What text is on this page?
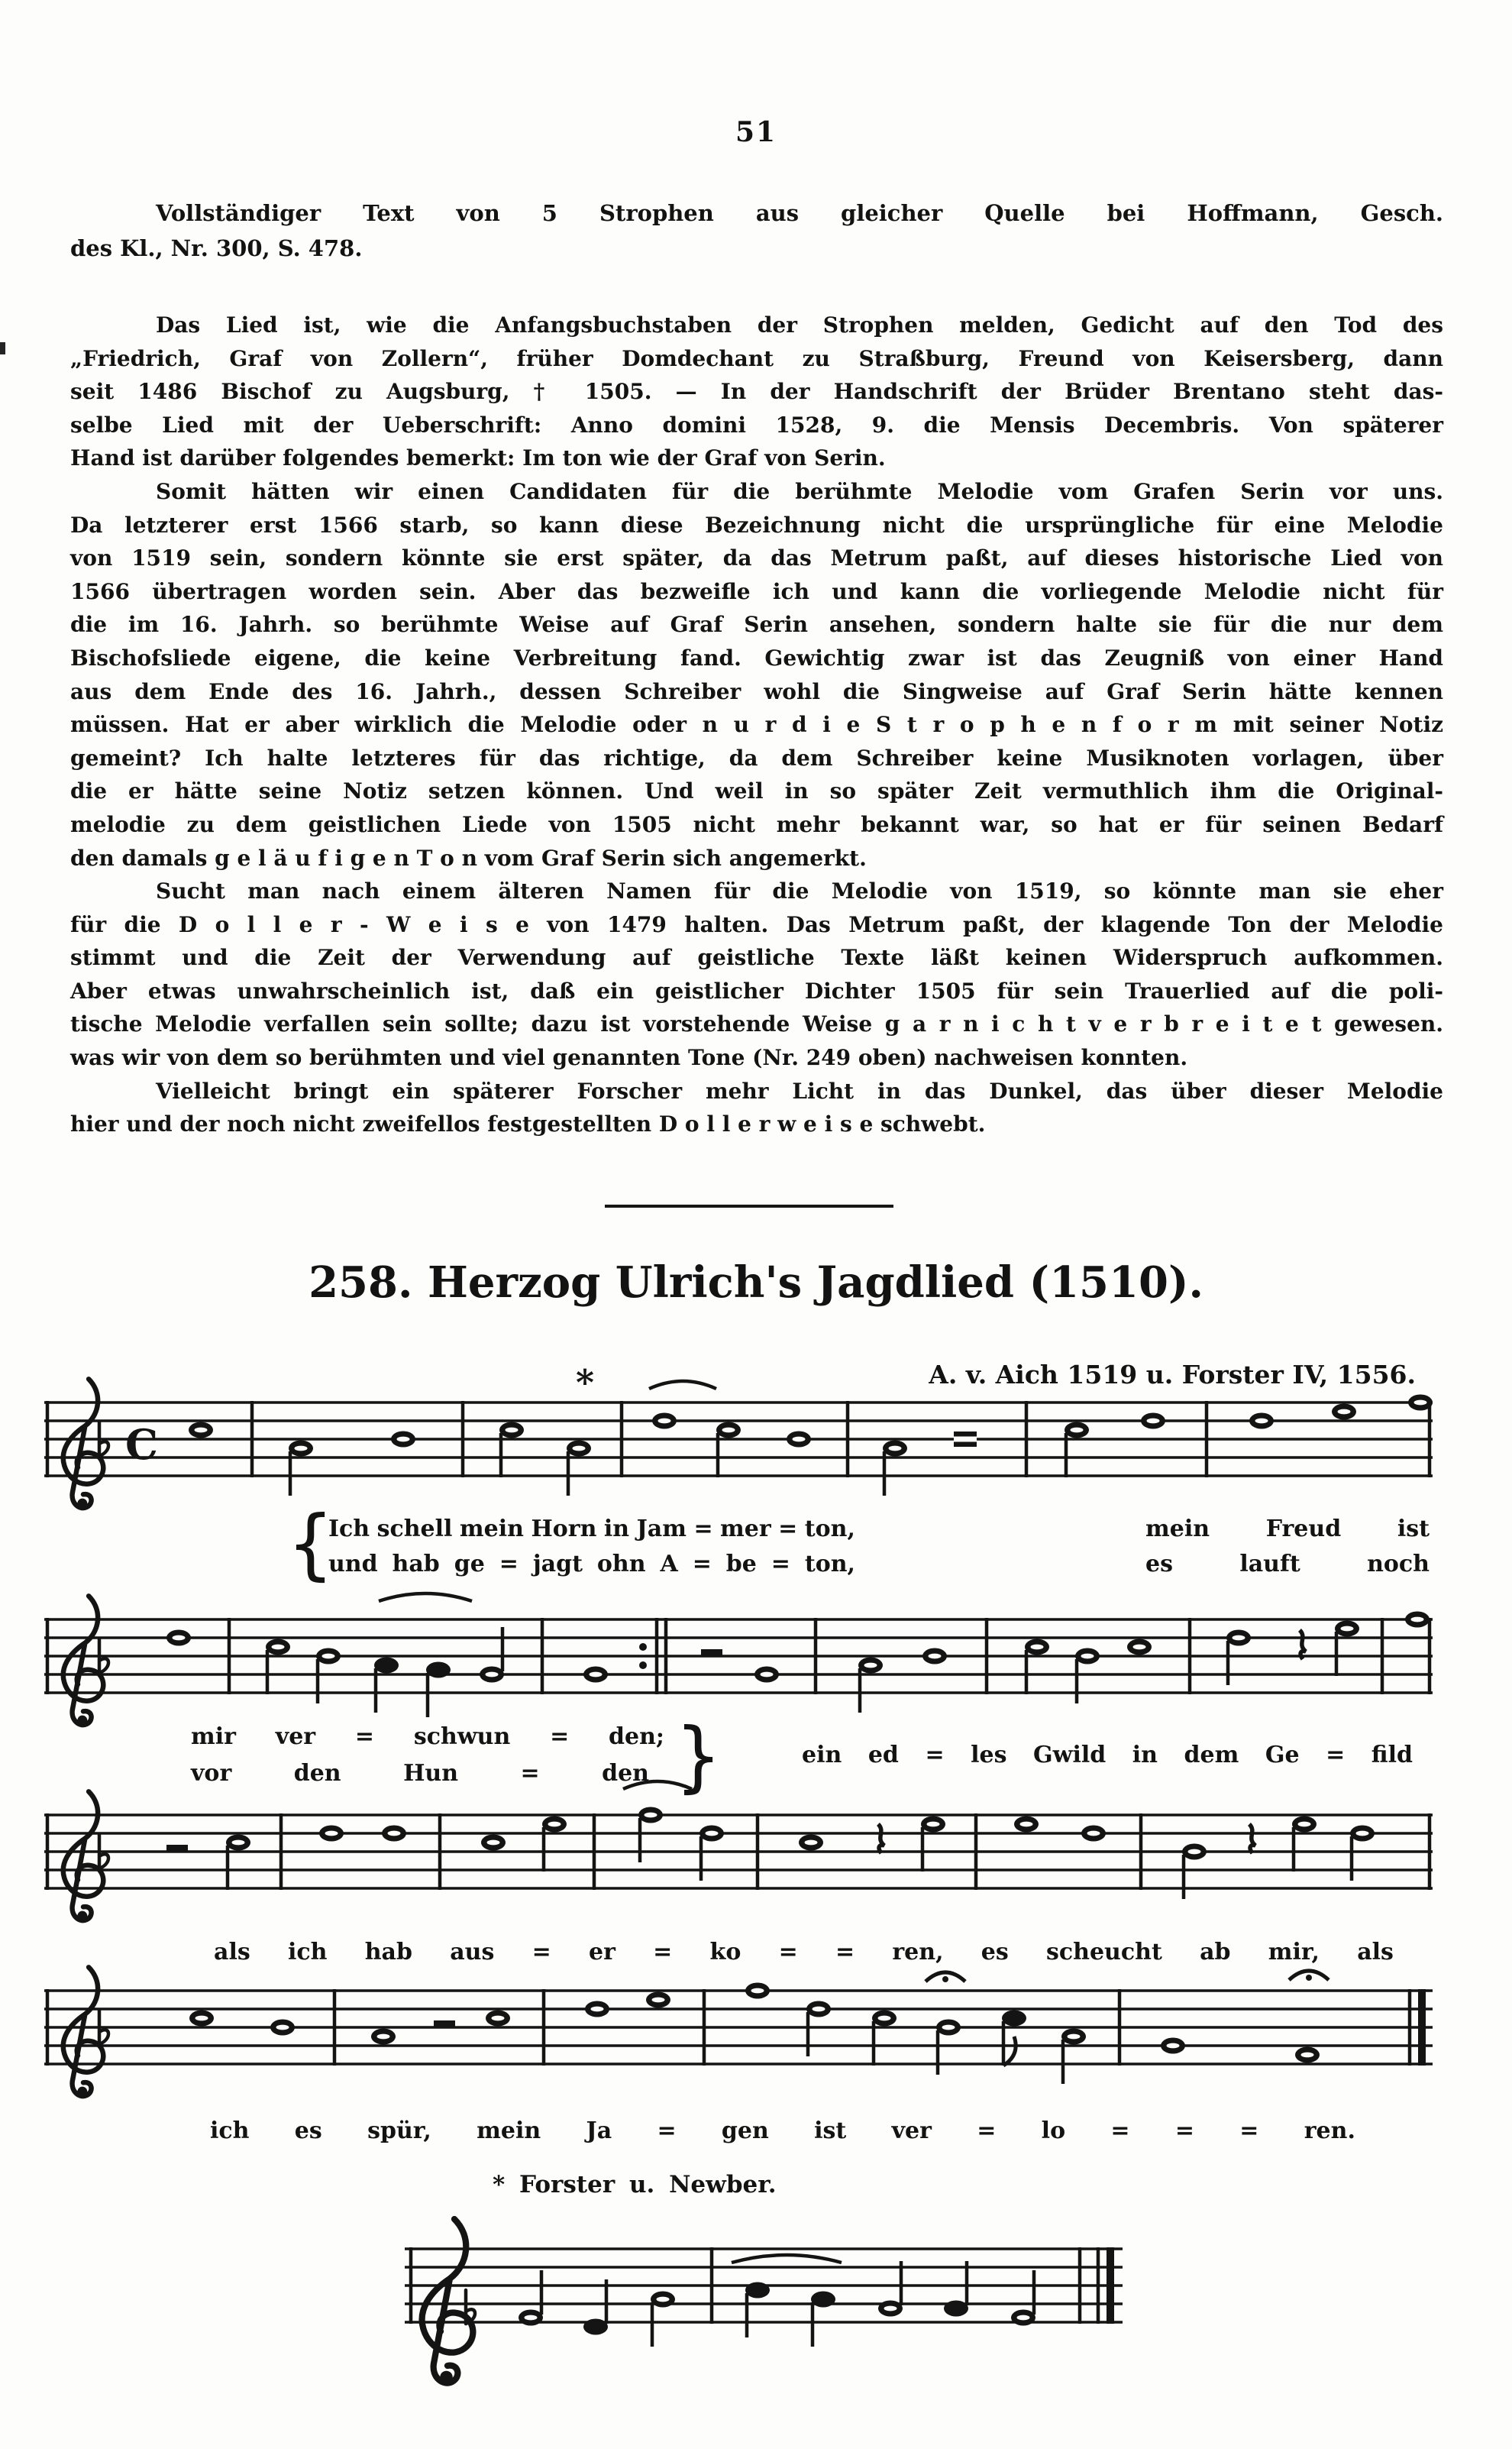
51
Vollständiger Text von 5 Strophen aus gleicher Quelle bei Hoffmann, Gesch.
des Kl., Nr. 300, S. 478.
Das Lied ist, wie die Anfangsbuchstaben der Strophen melden, Gedicht auf den Tod des
„Friedrich, Graf von Zollern“, früher Domdechant zu Straßburg, Freund von Keisersberg, dann
seit 1486 Bischof zu Augsburg, † 1505. — In der Handschrift der Brüder Brentano steht das-
selbe Lied mit der Ueberschrift: Anno domini 1528, 9. die Mensis Decembris. Von späterer
Hand ist darüber folgendes bemerkt: Im ton wie der Graf von Serin.
Somit hätten wir einen Candidaten für die berühmte Melodie vom Grafen Serin vor uns.
Da letzterer erst 1566 starb, so kann diese Bezeichnung nicht die ursprüngliche für eine Melodie
von 1519 sein, sondern könnte sie erst später, da das Metrum paßt, auf dieses historische Lied von
1566 übertragen worden sein. Aber das bezweifle ich und kann die vorliegende Melodie nicht für
die im 16. Jahrh. so berühmte Weise auf Graf Serin ansehen, sondern halte sie für die nur dem
Bischofsliede eigene, die keine Verbreitung fand. Gewichtig zwar ist das Zeugniß von einer Hand
aus dem Ende des 16. Jahrh., dessen Schreiber wohl die Singweise auf Graf Serin hätte kennen
müssen. Hat er aber wirklich die Melodie oder n u r d i e S t r o p h e n f o r m mit seiner Notiz
gemeint? Ich halte letzteres für das richtige, da dem Schreiber keine Musiknoten vorlagen, über
die er hätte seine Notiz setzen können. Und weil in so später Zeit vermuthlich ihm die Original-
melodie zu dem geistlichen Liede von 1505 nicht mehr bekannt war, so hat er für seinen Bedarf
den damals g e l ä u f i g e n T o n vom Graf Serin sich angemerkt.
Sucht man nach einem älteren Namen für die Melodie von 1519, so könnte man sie eher
für die D o l l e r - W e i s e von 1479 halten. Das Metrum paßt, der klagende Ton der Melodie
stimmt und die Zeit der Verwendung auf geistliche Texte läßt keinen Widerspruch aufkommen.
Aber etwas unwahrscheinlich ist, daß ein geistlicher Dichter 1505 für sein Trauerlied auf die poli-
tische Melodie verfallen sein sollte; dazu ist vorstehende Weise g a r n i c h t v e r b r e i t e t gewesen.
was wir von dem so berühmten und viel genannten Tone (Nr. 249 oben) nachweisen konnten.
Vielleicht bringt ein späterer Forscher mehr Licht in das Dunkel, das über dieser Melodie
hier und der noch nicht zweifellos festgestellten D o l l e r w e i s e schwebt.
258. Herzog Ulrich's Jagdlied (1510).
A. v. Aich 1519 u. Forster IV, 1556.
{
Ich schell mein Horn in Jam = mer = ton,	mein Freud ist
und hab ge = jagt ohn A = be = ton,	es	lauft	noch
mir ver = schwun = den;
vor	den	Hun	=	den }	ein ed = les Gwild in dem Ge = fild
als ich hab aus = er = ko = = ren, es scheucht ab mir, als
ich es spür, mein Ja = gen ist ver = lo = = = ren.
* Forster u. Newber.
C
*
